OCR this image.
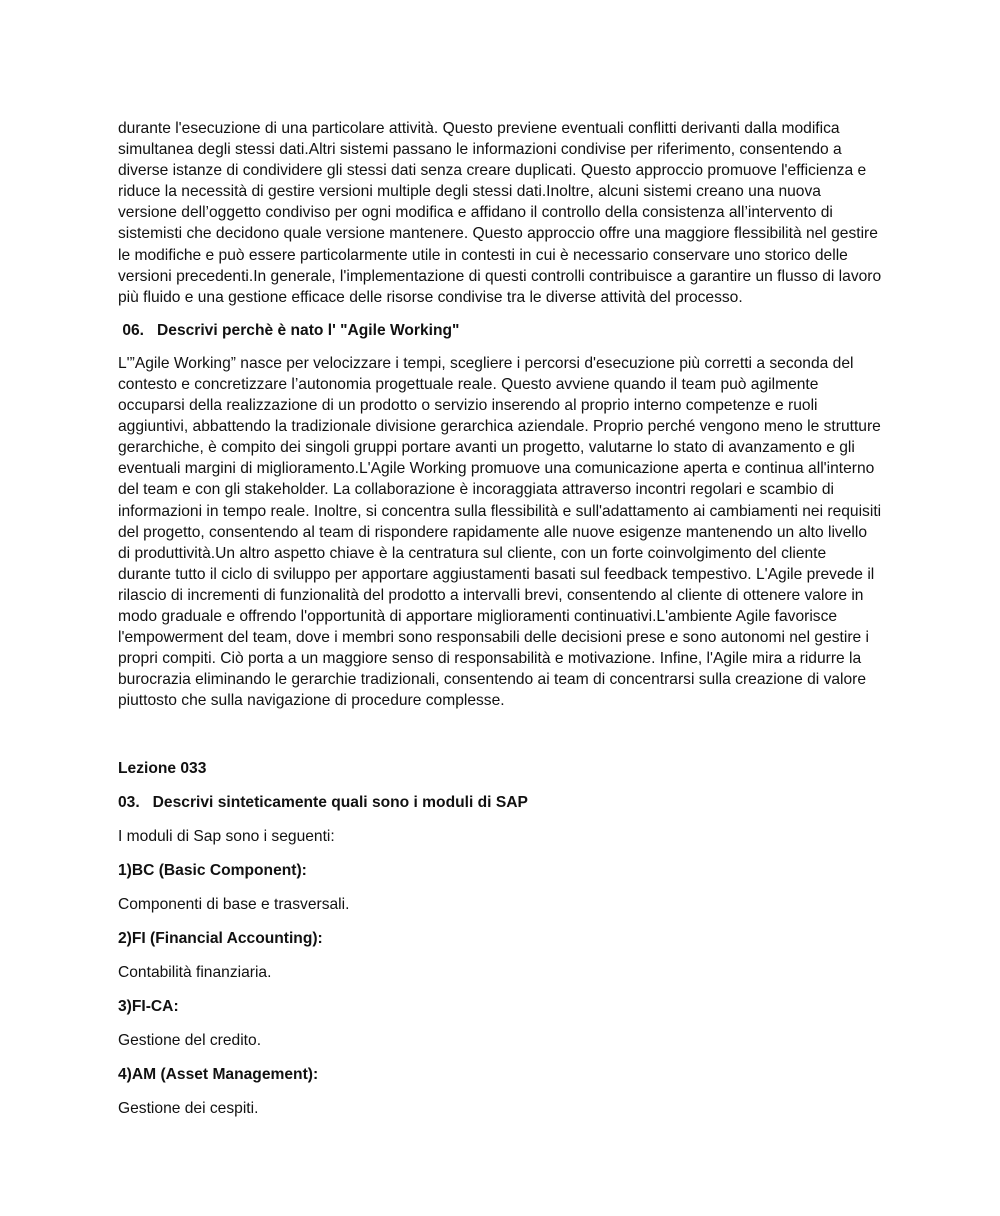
durante l'esecuzione di una particolare attività. Questo previene eventuali conflitti derivanti dalla modifica simultanea degli stessi dati.Altri sistemi passano le informazioni condivise per riferimento, consentendo a diverse istanze di condividere gli stessi dati senza creare duplicati. Questo approccio promuove l'efficienza e riduce la necessità di gestire versioni multiple degli stessi dati.Inoltre, alcuni sistemi creano una nuova versione dell’oggetto condiviso per ogni modifica e affidano il controllo della consistenza all’intervento di sistemisti che decidono quale versione mantenere. Questo approccio offre una maggiore flessibilità nel gestire le modifiche e può essere particolarmente utile in contesti in cui è necessario conservare uno storico delle versioni precedenti.In generale, l'implementazione di questi controlli contribuisce a garantire un flusso di lavoro più fluido e una gestione efficace delle risorse condivise tra le diverse attività del processo.

06.   Descrivi perchè è nato l' "Agile Working"

L'”Agile Working” nasce per velocizzare i tempi, scegliere i percorsi d'esecuzione più corretti a seconda del contesto e concretizzare l’autonomia progettuale reale. Questo avviene quando il team può agilmente occuparsi della realizzazione di un prodotto o servizio inserendo al proprio interno competenze e ruoli aggiuntivi, abbattendo la tradizionale divisione gerarchica aziendale. Proprio perché vengono meno le strutture gerarchiche, è compito dei singoli gruppi portare avanti un progetto, valutarne lo stato di avanzamento e gli eventuali margini di miglioramento.L'Agile Working promuove una comunicazione aperta e continua all'interno del team e con gli stakeholder. La collaborazione è incoraggiata attraverso incontri regolari e scambio di informazioni in tempo reale. Inoltre, si concentra sulla flessibilità e sull'adattamento ai cambiamenti nei requisiti del progetto, consentendo al team di rispondere rapidamente alle nuove esigenze mantenendo un alto livello di produttività.Un altro aspetto chiave è la centratura sul cliente, con un forte coinvolgimento del cliente durante tutto il ciclo di sviluppo per apportare aggiustamenti basati sul feedback tempestivo. L'Agile prevede il rilascio di incrementi di funzionalità del prodotto a intervalli brevi, consentendo al cliente di ottenere valore in modo graduale e offrendo l'opportunità di apportare miglioramenti continuativi.L'ambiente Agile favorisce l'empowerment del team, dove i membri sono responsabili delle decisioni prese e sono autonomi nel gestire i propri compiti. Ciò porta a un maggiore senso di responsabilità e motivazione. Infine, l'Agile mira a ridurre la burocrazia eliminando le gerarchie tradizionali, consentendo ai team di concentrarsi sulla creazione di valore piuttosto che sulla navigazione di procedure complesse.

Lezione 033

03.   Descrivi sinteticamente quali sono i moduli di SAP

I moduli di Sap sono i seguenti:

1)BC (Basic Component):

Componenti di base e trasversali.

2)FI (Financial Accounting):

Contabilità finanziaria.

3)FI-CA:

Gestione del credito.

4)AM (Asset Management):

Gestione dei cespiti.
